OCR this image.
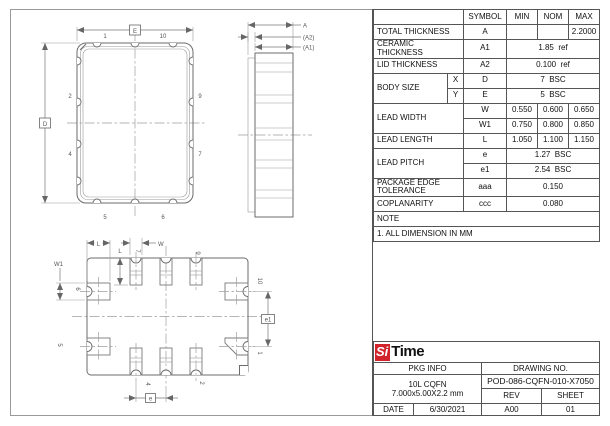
E
D
1	10
2	9
4	7
5	6
A
(A2)
(A1)
L	W
L
W1
e
e1
7
9
6
5
10
1
4	2
		SYMBOL	MIN	NOM	MAX
TOTAL THICKNESS		A			2.2000
CERAMIC THICKNESS		A1	1.85  ref		
LID THICKNESS		A2	0.100  ref		
BODY SIZE	X	D	7  BSC		
	Y	E	5  BSC		
LEAD WIDTH		W	0.550	0.600	0.650
		W1	0.750	0.800	0.850
LEAD LENGTH		L	1.050	1.100	1.150
LEAD PITCH		e	1.27  BSC		
		e1	2.54  BSC		
PACKAGE EDGE TOLERANCE		aaa	0.150		
COPLANARITY		ccc	0.080		
NOTE					
1. ALL DIMENSION IN MM					
Si Time			

PKG INFO		DRAWING NO.	

10L CQFN
7.000x5.00X2.2 mm		POD-086-CQFN-010-X7050	
		REV	SHEET
DATE	6/30/2021	A00	01
